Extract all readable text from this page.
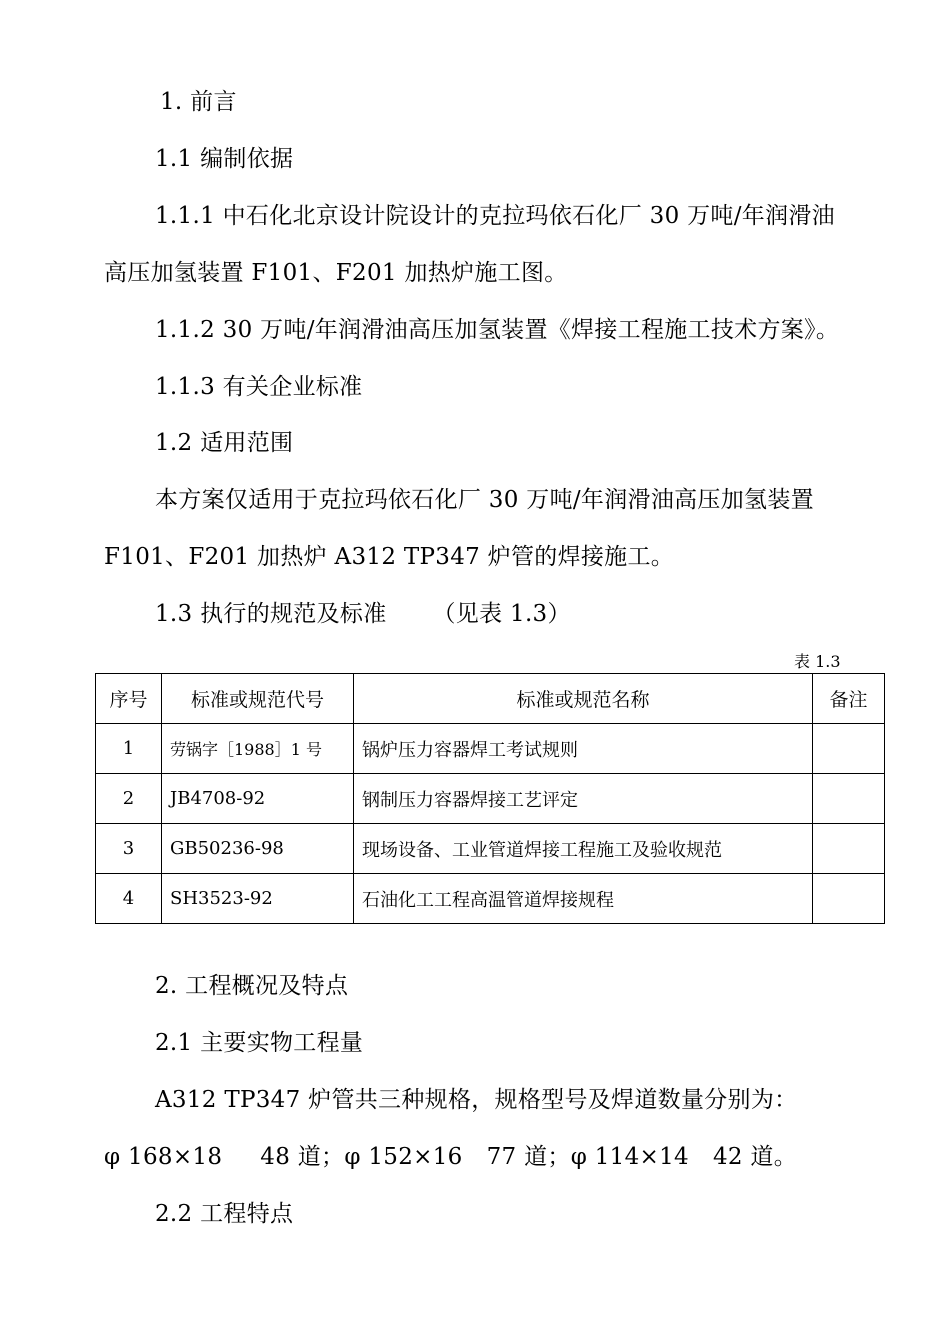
1. 前言
1.1 编制依据
1.1.1 中石化北京设计院设计的克拉玛依石化厂 30 万吨/年润滑油
高压加氢装置 F101、F201 加热炉施工图。
1.1.2 30 万吨/年润滑油高压加氢装置《焊接工程施工技术方案》。
1.1.3 有关企业标准
1.2 适用范围
本方案仅适用于克拉玛依石化厂 30 万吨/年润滑油高压加氢装置
F101、F201 加热炉 A312 TP347 炉管的焊接施工。
1.3 执行的规范及标准 （见表 1.3）
表 1.3
序号	标准或规范代号	标准或规范名称	备注
1	劳锅字［1988］1 号	锅炉压力容器焊工考试规则	
2	JB4708-92	钢制压力容器焊接工艺评定	
3	GB50236-98	现场设备、工业管道焊接工程施工及验收规范	
4	SH3523-92	石油化工工程高温管道焊接规程	
2. 工程概况及特点
2.1 主要实物工程量
A312 TP347 炉管共三种规格，规格型号及焊道数量分别为：
φ 168×18 48 道；φ 152×16 77 道；φ 114×14 42 道。
2.2 工程特点
